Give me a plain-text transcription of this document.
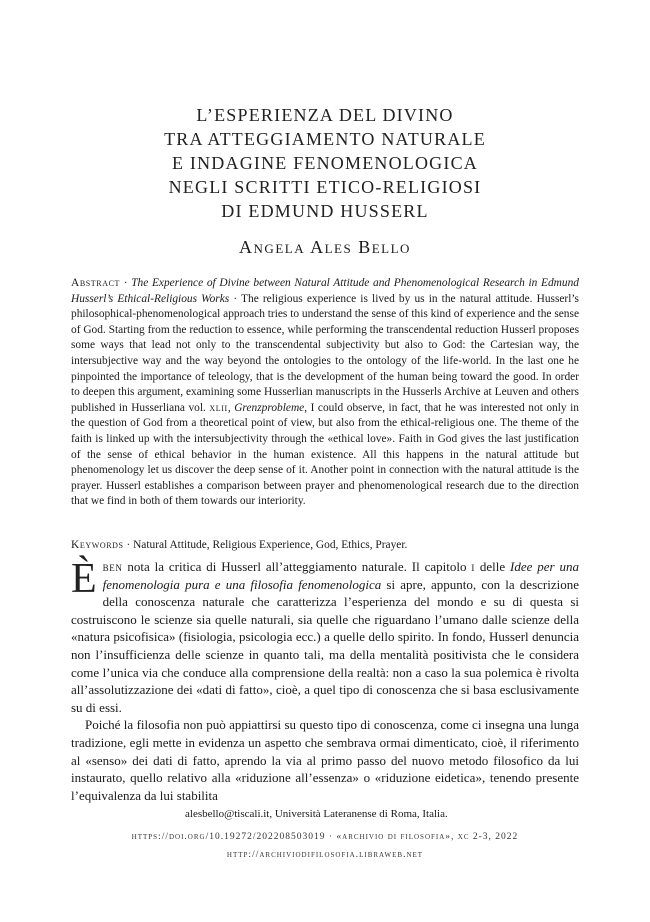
L’ESPERIENZA DEL DIVINO
TRA ATTEGGIAMENTO NATURALE
E INDAGINE FENOMENOLOGICA
NEGLI SCRITTI ETICO-RELIGIOSI
DI EDMUND HUSSERL
Angela Ales Bello
Abstract · The Experience of Divine between Natural Attitude and Phenomenological Research in Edmund Husserl’s Ethical-Religious Works · The religious experience is lived by us in the natural attitude. Husserl’s philosophical-phenomenological approach tries to understand the sense of this kind of experience and the sense of God. Starting from the reduction to essence, while performing the transcendental reduction Husserl proposes some ways that lead not only to the transcendental subjectivity but also to God: the Cartesian way, the intersubjective way and the way beyond the ontologies to the ontology of the life-world. In the last one he pinpointed the importance of teleology, that is the development of the human being toward the good. In order to deepen this argument, examining some Husserlian manuscripts in the Husserls Archive at Leuven and others published in Husserliana vol. xlii, Grenzprobleme, I could observe, in fact, that he was interested not only in the question of God from a theoretical point of view, but also from the ethical-religious one. The theme of the faith is linked up with the intersubjectivity through the «ethical love». Faith in God gives the last justification of the sense of ethical behavior in the human existence. All this happens in the natural attitude but phenomenology let us discover the deep sense of it. Another point in connection with the natural attitude is the prayer. Husserl establishes a comparison between prayer and phenomenological research due to the direction that we find in both of them towards our interiority.
Keywords · Natural Attitude, Religious Experience, God, Ethics, Prayer.

Èben nota la critica di Husserl all’atteggiamento naturale. Il capitolo i delle Idee per una fenomenologia pura e una filosofia fenomenologica si apre, appunto, con la descrizione della conoscenza naturale che caratterizza l’esperienza del mondo e su di questa si costruiscono le scienze sia quelle naturali, sia quelle che riguardano l’umano dalle scienze della «natura psicofisica» (fisiologia, psicologia ecc.) a quelle dello spirito. In fondo, Husserl denuncia non l’insufficienza delle scienze in quanto tali, ma della mentalità positivista che le considera come l’unica via che conduce alla comprensione della realtà: non a caso la sua polemica è rivolta all’assolutizzazione dei «dati di fatto», cioè, a quel tipo di conoscenza che si basa esclusivamente su di essi.

Poiché la filosofia non può appiattirsi su questo tipo di conoscenza, come ci insegna una lunga tradizione, egli mette in evidenza un aspetto che sembrava ormai dimenticato, cioè, il riferimento al «senso» dei dati di fatto, aprendo la via al primo passo del nuovo metodo filosofico da lui instaurato, quello relativo alla «riduzione all’essenza» o «riduzione eidetica», tenendo presente l’equivalenza da lui stabilita

alesbello@tiscali.it, Università Lateranense di Roma, Italia.
https://doi.org/10.19272/202208503019 · «archivio di filosofia», xc 2-3, 2022
http://archiviodifilosofia.libraweb.net
